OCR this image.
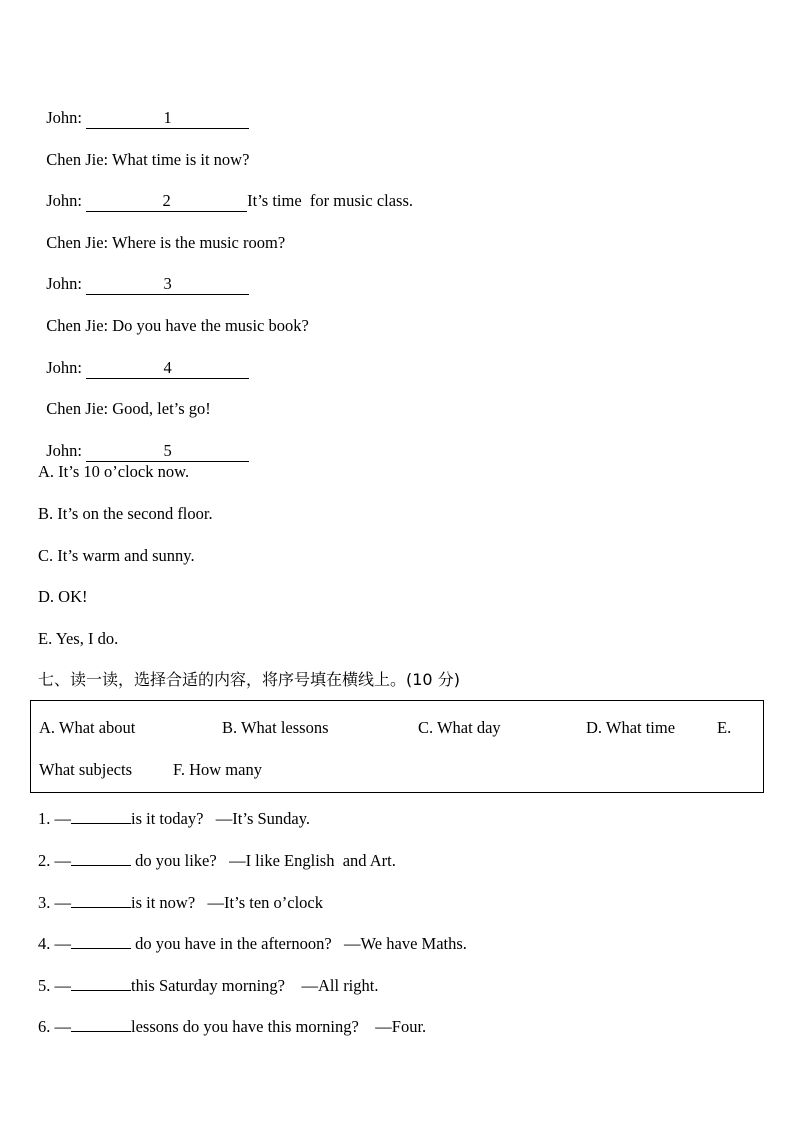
John:	1

Chen Jie: What time is it now?

John:	2	It’s time  for music class.

Chen Jie: Where is the music room?

John:	3

Chen Jie: Do you have the music book?

John:	4

Chen Jie: Good, let’s go!

John:	5

A. It’s 10 o’clock now.
B. It’s on the second floor.
C. It’s warm and sunny.
D. OK!
E. Yes, I do.
七、读一读，选择合适的内容，将序号填在横线上。(10 分)
A. What about	B. What lessons	C. What day	D. What time	E.
What subjects F. How many
1. —	is it today?   —It’s Sunday.
2. —	do you like?   —I like English  and Art.
3. —	is it now?   —It’s ten o’clock
4. —	do you have in the afternoon?   —We have Maths.
5. —	this Saturday morning?    —All right.
6. —	lessons do you have this morning?    —Four.
